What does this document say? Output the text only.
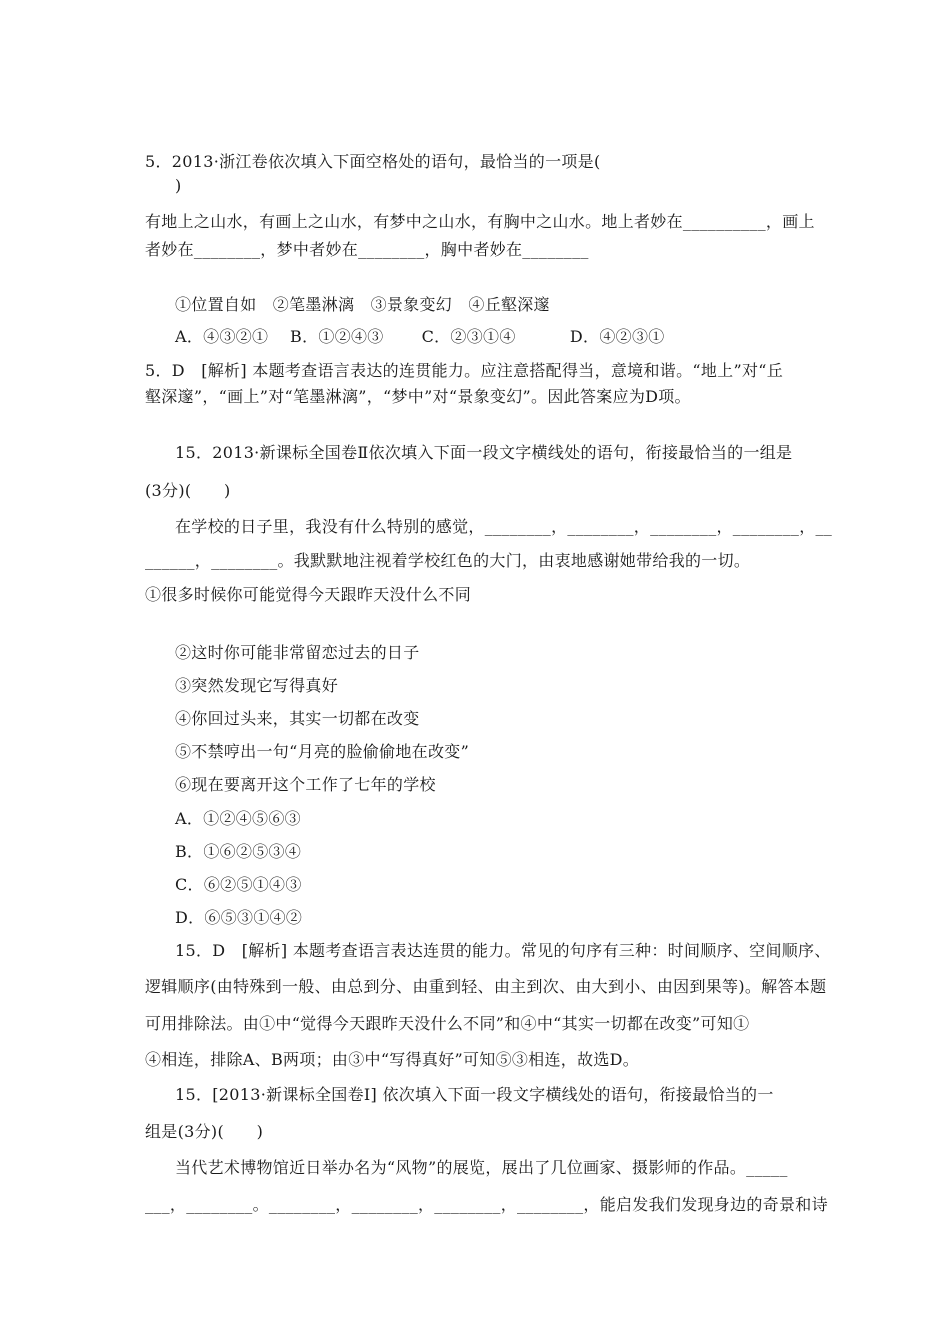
5．2013·浙江卷依次填入下面空格处的语句，最恰当的一项是(
)
有地上之山水，有画上之山水，有梦中之山水，有胸中之山水。地上者妙在__________，画上
者妙在________，梦中者妙在________，胸中者妙在________
①位置自如　②笔墨淋漓　③景象变幻　④丘壑深邃
A．④③②①　 B．①②④③　 　C．②③①④　 　　D．④②③①
5．D　[解析] 本题考查语言表达的连贯能力。应注意搭配得当，意境和谐。“地上”对“丘
壑深邃”，“画上”对“笔墨淋漓”，“梦中”对“景象变幻”。因此答案应为D项。
15．2013·新课标全国卷Ⅱ依次填入下面一段文字横线处的语句，衔接最恰当的一组是
(3分)(　　)
在学校的日子里，我没有什么特别的感觉，________，________，________，________，__
______，________。我默默地注视着学校红色的大门，由衷地感谢她带给我的一切。
①很多时候你可能觉得今天跟昨天没什么不同
②这时你可能非常留恋过去的日子
③突然发现它写得真好
④你回过头来，其实一切都在改变
⑤不禁哼出一句“月亮的脸偷偷地在改变”
⑥现在要离开这个工作了七年的学校
A．①②④⑤⑥③
B．①⑥②⑤③④
C．⑥②⑤①④③
D．⑥⑤③①④②
15．D　[解析] 本题考查语言表达连贯的能力。常见的句序有三种：时间顺序、空间顺序、
逻辑顺序(由特殊到一般、由总到分、由重到轻、由主到次、由大到小、由因到果等)。解答本题
可用排除法。由①中“觉得今天跟昨天没什么不同”和④中“其实一切都在改变”可知①
④相连，排除A、B两项；由③中“写得真好”可知⑤③相连，故选D。
15．[2013·新课标全国卷Ⅰ] 依次填入下面一段文字横线处的语句，衔接最恰当的一
组是(3分)(　　)
当代艺术博物馆近日举办名为“风物”的展览，展出了几位画家、摄影师的作品。_____
___，________。________，________，________，________，能启发我们发现身边的奇景和诗
